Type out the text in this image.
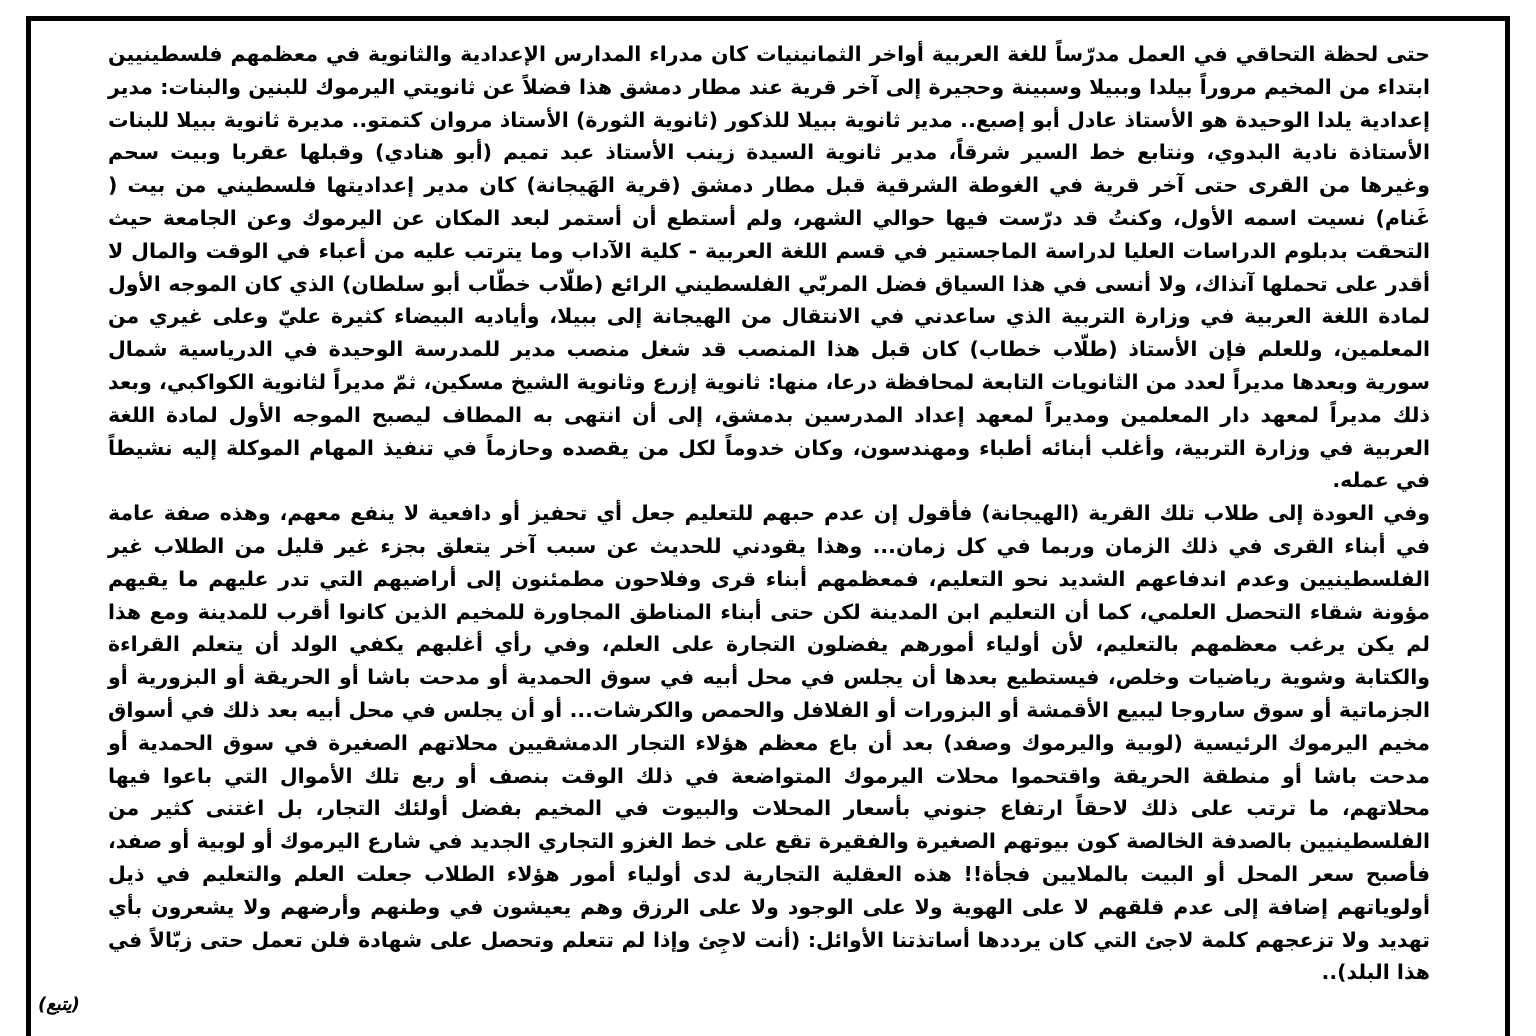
حتى لحظة التحاقي في العمل مدرّساً للغة العربية أواخر الثمانينيات كان مدراء المدارس الإعدادية والثانوية في معظمهم فلسطينيين ابتداء من المخيم مروراً بيلدا وببيلا وسبينة وحجيرة إلى آخر قرية عند مطار دمشق هذا فضلاً عن ثانويتي اليرموك للبنين والبنات: مدير إعدادية يلدا الوحيدة هو الأستاذ عادل أبو إصبع.. مدير ثانوية ببيلا للذكور (ثانوية الثورة) الأستاذ مروان كتمتو.. مديرة ثانوية ببيلا للبنات الأستاذة نادية البدوي، ونتابع خط السير شرقاً، مدير ثانوية السيدة زينب الأستاذ عبد تميم (أبو هنادي) وقبلها عقربا وبيت سحم وغيرها من القرى حتى آخر قرية في الغوطة الشرقية قبل مطار دمشق (قرية الهَيجانة) كان مدير إعداديتها فلسطيني من بيت ( غَنام) نسيت اسمه الأول، وكنتُ قد درّست فيها حوالي الشهر، ولم أستطع أن أستمر لبعد المكان عن اليرموك وعن الجامعة حيث التحقت بدبلوم الدراسات العليا لدراسة الماجستير في قسم اللغة العربية - كلية الآداب وما يترتب عليه من أعباء في الوقت والمال لا أقدر على تحملها آنذاك، ولا أنسى في هذا السياق فضل المربّي الفلسطيني الرائع (طلّاب خطّاب أبو سلطان) الذي كان الموجه الأول لمادة اللغة العربية في وزارة التربية الذي ساعدني في الانتقال من الهيجانة إلى ببيلا، وأياديه البيضاء كثيرة عليّ وعلى غيري من المعلمين، وللعلم فإن الأستاذ (طلّاب خطاب) كان قبل هذا المنصب قد شغل منصب مدير للمدرسة الوحيدة في الدرياسية شمال سورية وبعدها مديراً لعدد من الثانويات التابعة لمحافظة درعا، منها: ثانوية إزرع وثانوية الشيخ مسكين، ثمّ مديراً لثانوية الكواكبي، وبعد ذلك مديراً لمعهد دار المعلمين ومديراً لمعهد إعداد المدرسين بدمشق، إلى أن انتهى به المطاف ليصبح الموجه الأول لمادة اللغة العربية في وزارة التربية، وأغلب أبنائه أطباء ومهندسون، وكان خدوماً لكل من يقصده وحازماً في تنفيذ المهام الموكلة إليه نشيطاً في عمله.

وفي العودة إلى طلاب تلك القرية (الهيجانة) فأقول إن عدم حبهم للتعليم جعل أي تحفيز أو دافعية لا ينفع معهم، وهذه صفة عامة في أبناء القرى في ذلك الزمان وربما في كل زمان... وهذا يقودني للحديث عن سبب آخر يتعلق بجزء غير قليل من الطلاب غير الفلسطينيين وعدم اندفاعهم الشديد نحو التعليم، فمعظمهم أبناء قرى وفلاحون مطمئنون إلى أراضيهم التي تدر عليهم ما يقيهم مؤونة شقاء التحصل العلمي، كما أن التعليم ابن المدينة لكن حتى أبناء المناطق المجاورة للمخيم الذين كانوا أقرب للمدينة ومع هذا لم يكن يرغب معظمهم بالتعليم، لأن أولياء أمورهم يفضلون التجارة على العلم، وفي رأي أغلبهم يكفي الولد أن يتعلم القراءة والكتابة وشوية رياضيات وخلص، فيستطيع بعدها أن يجلس في محل أبيه في سوق الحمدية أو مدحت باشا أو الحريقة أو البزورية أو الجزماتية أو سوق ساروجا ليبيع الأقمشة أو البزورات أو الفلافل والحمص والكرشات... أو أن يجلس في محل أبيه بعد ذلك في أسواق مخيم اليرموك الرئيسية (لوبية واليرموك وصفد) بعد أن باع معظم هؤلاء التجار الدمشقيين محلاتهم الصغيرة في سوق الحمدية أو مدحت باشا أو منطقة الحريقة واقتحموا محلات اليرموك المتواضعة في ذلك الوقت بنصف أو ربع تلك الأموال التي باعوا فيها محلاتهم، ما ترتب على ذلك لاحقاً ارتفاع جنوني بأسعار المحلات والبيوت في المخيم بفضل أولئك التجار، بل اغتنى كثير من الفلسطينيين بالصدفة الخالصة كون بيوتهم الصغيرة والفقيرة تقع على خط الغزو التجاري الجديد في شارع اليرموك أو لوبية أو صفد، فأصبح سعر المحل أو البيت بالملايين فجأة!! هذه العقلية التجارية لدى أولياء أمور هؤلاء الطلاب جعلت العلم والتعليم في ذيل أولوياتهم إضافة إلى عدم قلقهم لا على الهوية ولا على الوجود ولا على الرزق وهم يعيشون في وطنهم وأرضهم ولا يشعرون بأي تهديد ولا تزعجهم كلمة لاجئ التي كان يرددها أساتذتنا الأوائل: (أنت لاجِئ وإذا لم تتعلم وتحصل على شهادة فلن تعمل حتى زبّالاً في هذا البلد)..

(يتبع)
